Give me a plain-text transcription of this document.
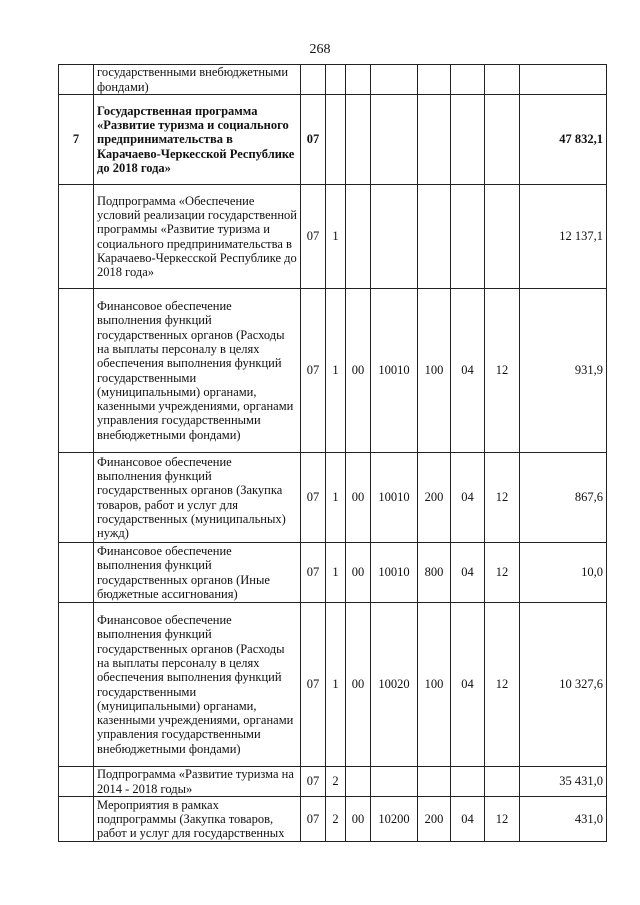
268
	государственными внебюджетными фондами)								
7	Государственная программа «Развитие туризма и социального предпринимательства в Карачаево-Черкесской Республике до 2018 года»	07							47 832,1
	Подпрограмма «Обеспечение условий реализации государственной программы «Развитие туризма и социального предпринимательства в Карачаево-Черкесской Республике до 2018 года»	07	1						12 137,1
	Финансовое обеспечение выполнения функций государственных органов (Расходы на выплаты персоналу в целях обеспечения выполнения функций государственными (муниципальными) органами, казенными учреждениями, органами управления государственными внебюджетными фондами)	07	1	00	10010	100	04	12	931,9
	Финансовое обеспечение выполнения функций государственных органов (Закупка товаров, работ и услуг для государственных (муниципальных) нужд)	07	1	00	10010	200	04	12	867,6
	Финансовое обеспечение выполнения функций государственных органов (Иные бюджетные ассигнования)	07	1	00	10010	800	04	12	10,0
	Финансовое обеспечение выполнения функций государственных органов (Расходы на выплаты персоналу в целях обеспечения выполнения функций государственными (муниципальными) органами, казенными учреждениями, органами управления государственными внебюджетными фондами)	07	1	00	10020	100	04	12	10 327,6
	Подпрограмма «Развитие туризма на 2014 - 2018 годы»	07	2						35 431,0
	Мероприятия в рамках подпрограммы (Закупка товаров, работ и услуг для государственных	07	2	00	10200	200	04	12	431,0
